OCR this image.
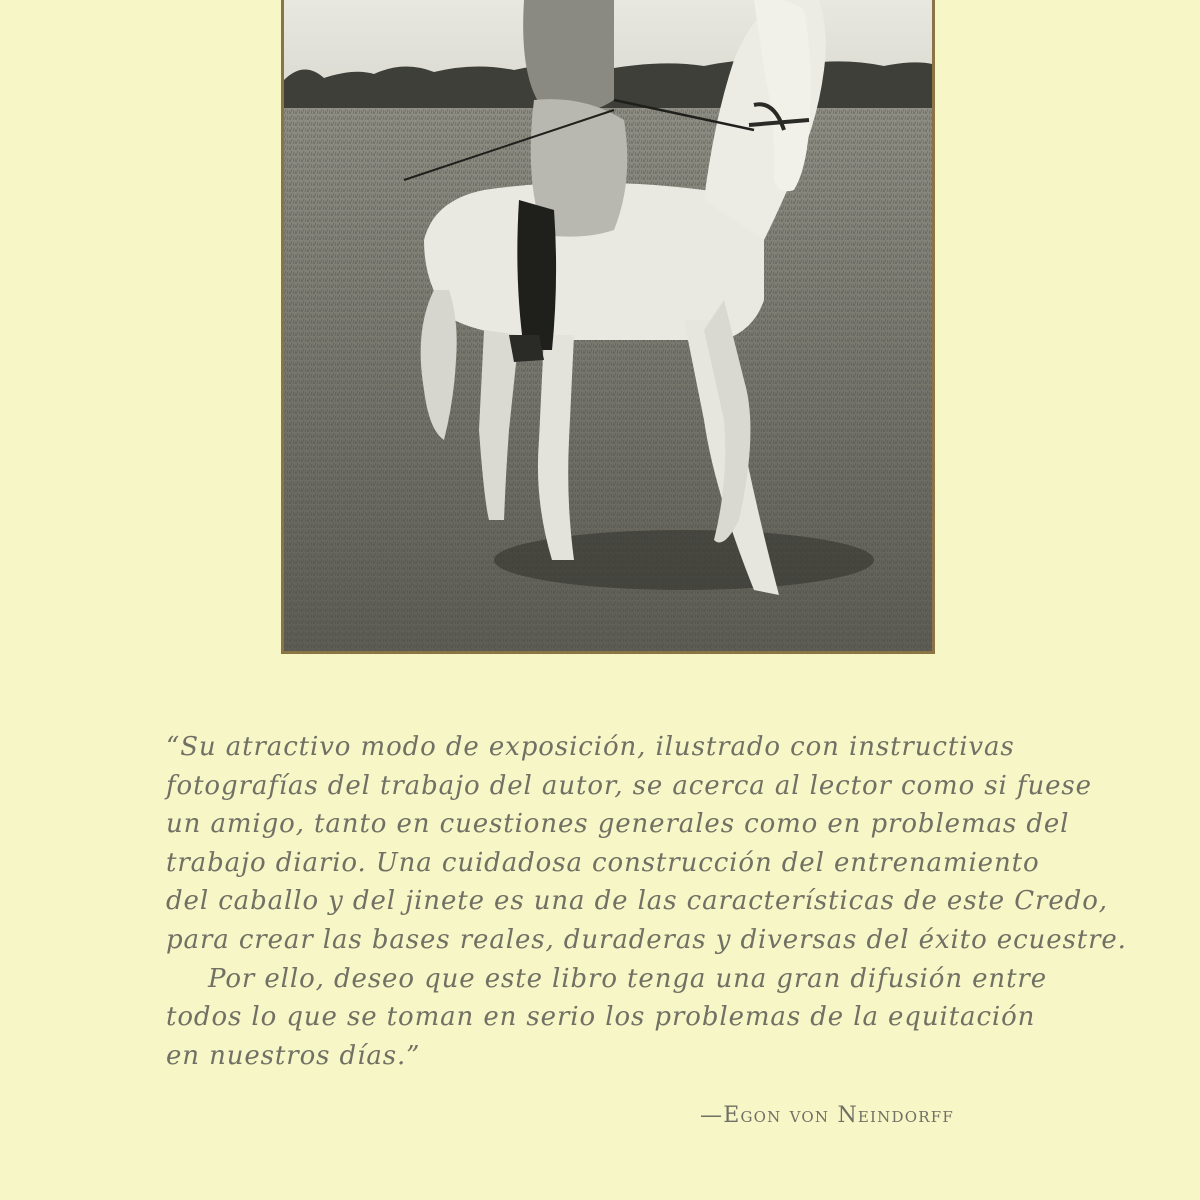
“Su atractivo modo de exposición, ilustrado con instructivas
fotografías del trabajo del autor, se acerca al lector como si fuese
un amigo, tanto en cuestiones generales como en problemas del
trabajo diario. Una cuidadosa construcción del entrenamiento
del caballo y del jinete es una de las características de este Credo,
para crear las bases reales, duraderas y diversas del éxito ecuestre.
Por ello, deseo que este libro tenga una gran difusión entre
todos lo que se toman en serio los problemas de la equitación
en nuestros días.”
—Egon von Neindorff
